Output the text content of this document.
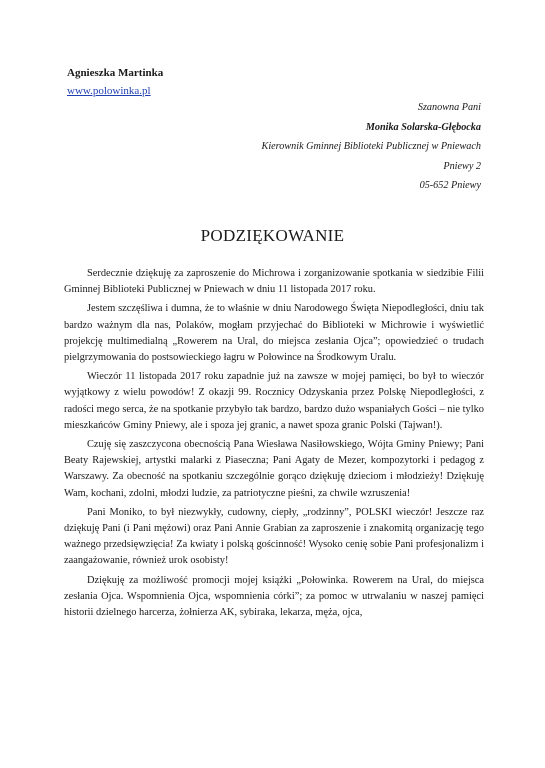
Agnieszka Martinka
www.polowinka.pl
Szanowna Pani
Monika Solarska-Głębocka
Kierownik Gminnej Biblioteki Publicznej w Pniewach
Pniewy 2
05-652 Pniewy
PODZIĘKOWANIE

Serdecznie dziękuję za zaproszenie do Michrowa i zorganizowanie spotkania w siedzibie Filii Gminnej Biblioteki Publicznej w Pniewach w dniu 11 listopada 2017 roku.

Jestem szczęśliwa i dumna, że to właśnie w dniu Narodowego Święta Niepodległości, dniu tak bardzo ważnym dla nas, Polaków, mogłam przyjechać do Biblioteki w Michrowie i wyświetlić projekcję multimedialną „Rowerem na Ural, do miejsca zesłania Ojca”; opowiedzieć o trudach pielgrzymowania do postsowieckiego łagru w Połowince na Środkowym Uralu.

Wieczór 11 listopada 2017 roku zapadnie już na zawsze w mojej pamięci, bo był to wieczór wyjątkowy z wielu powodów! Z okazji 99. Rocznicy Odzyskania przez Polskę Niepodległości, z radości mego serca, że na spotkanie przybyło tak bardzo, bardzo dużo wspaniałych Gości – nie tylko mieszkańców Gminy Pniewy, ale i spoza jej granic, a nawet spoza granic Polski (Tajwan!).

Czuję się zaszczycona obecnością Pana Wiesława Nasiłowskiego, Wójta Gminy Pniewy; Pani Beaty Rajewskiej, artystki malarki z Piaseczna; Pani Agaty de Mezer, kompozytorki i pedagog z Warszawy. Za obecność na spotkaniu szczególnie gorąco dziękuję dzieciom i młodzieży! Dziękuję Wam, kochani, zdolni, młodzi ludzie, za patriotyczne pieśni, za chwile wzruszenia!

Pani Moniko, to był niezwykły, cudowny, ciepły, „rodzinny”, POLSKI wieczór! Jeszcze raz dziękuję Pani (i Pani mężowi) oraz Pani Annie Grabian za zaproszenie i znakomitą organizację tego ważnego przedsięwzięcia! Za kwiaty i polską gościnność! Wysoko cenię sobie Pani profesjonalizm i zaangażowanie, również urok osobisty!

Dziękuję za możliwość promocji mojej książki „Połowinka. Rowerem na Ural, do miejsca zesłania Ojca. Wspomnienia Ojca, wspomnienia córki”; za pomoc w utrwalaniu w naszej pamięci historii dzielnego harcerza, żołnierza AK, sybiraka, lekarza, męża, ojca,
